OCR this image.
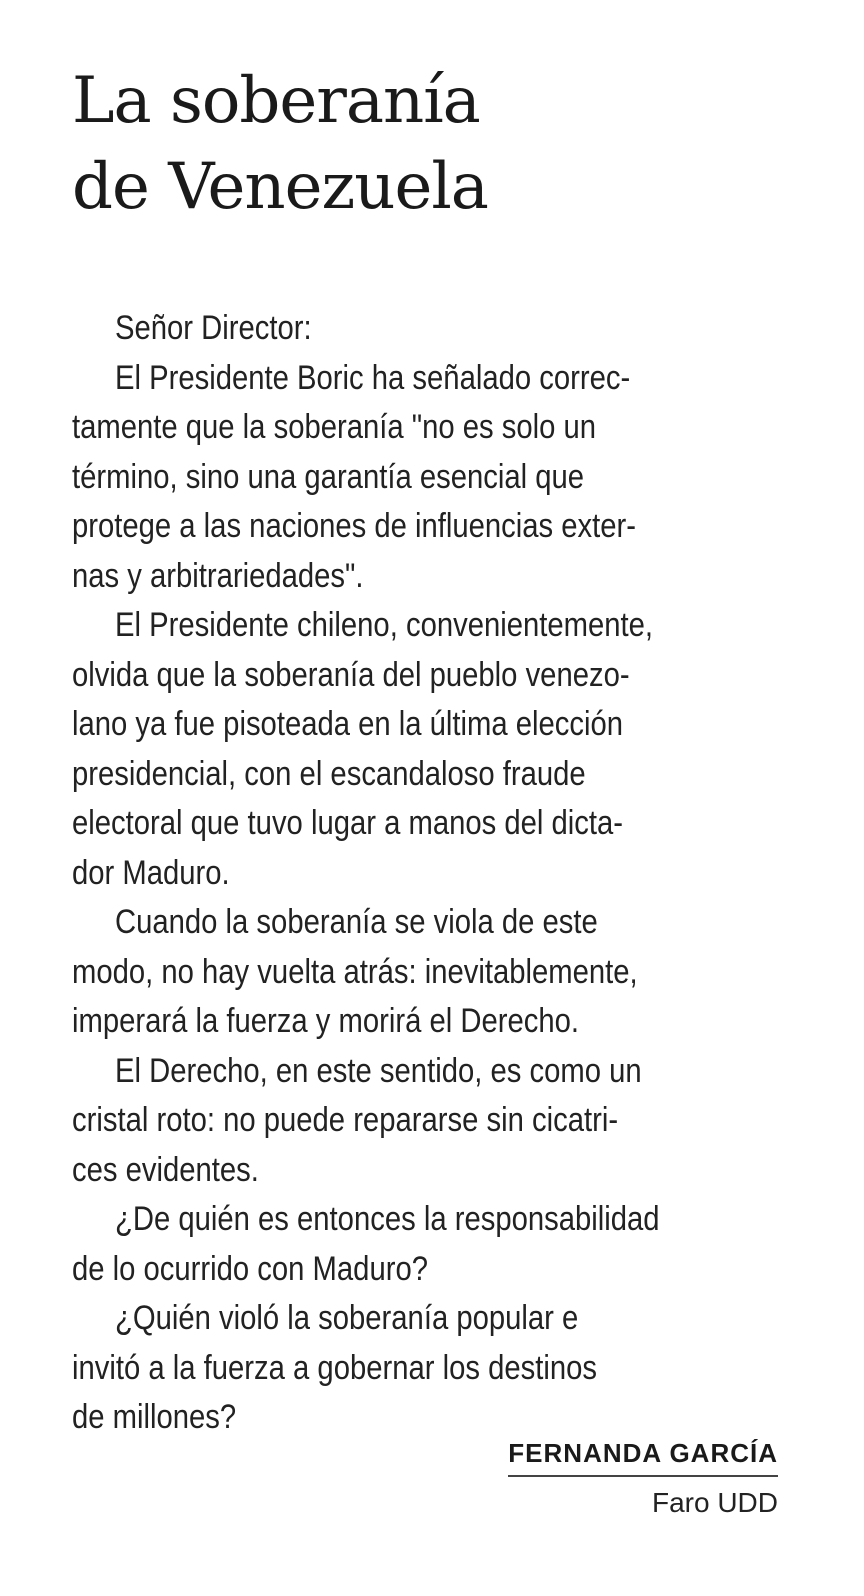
La soberanía
de Venezuela
Señor Director:
El Presidente Boric ha señalado correc-
tamente que la soberanía "no es solo un
término, sino una garantía esencial que
protege a las naciones de influencias exter-
nas y arbitrariedades".
El Presidente chileno, convenientemente,
olvida que la soberanía del pueblo venezo-
lano ya fue pisoteada en la última elección
presidencial, con el escandaloso fraude
electoral que tuvo lugar a manos del dicta-
dor Maduro.
Cuando la soberanía se viola de este
modo, no hay vuelta atrás: inevitablemente,
imperará la fuerza y morirá el Derecho.
El Derecho, en este sentido, es como un
cristal roto: no puede repararse sin cicatri-
ces evidentes.
¿De quién es entonces la responsabilidad
de lo ocurrido con Maduro?
¿Quién violó la soberanía popular e
invitó a la fuerza a gobernar los destinos
de millones?
FERNANDA GARCÍA
Faro UDD
